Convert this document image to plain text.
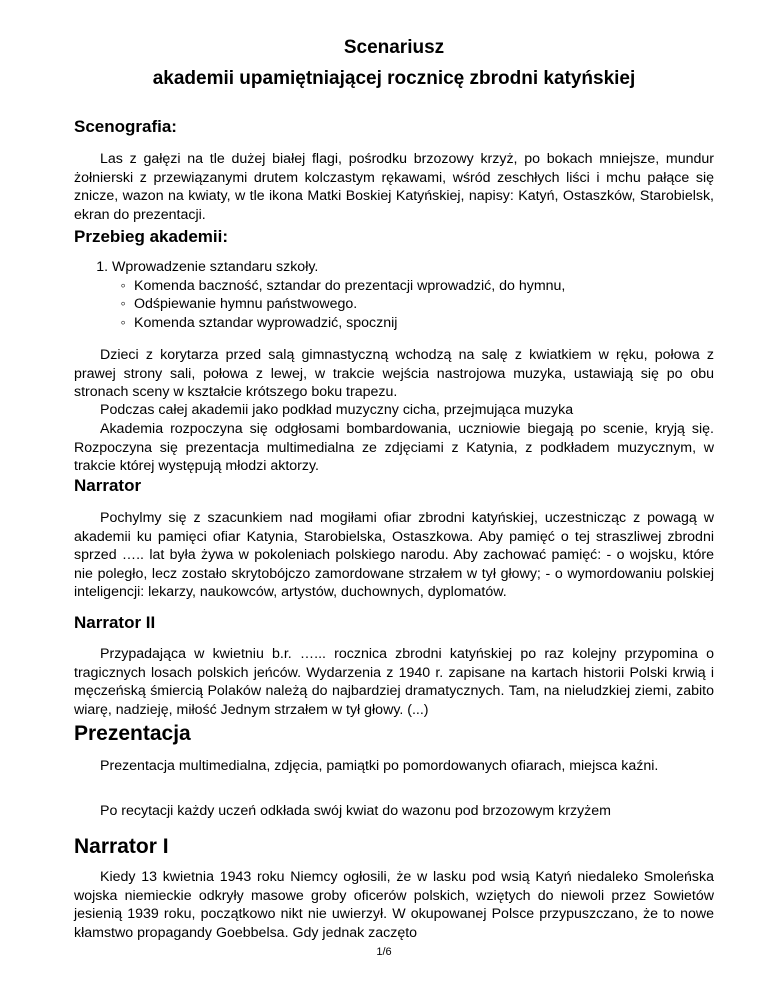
Scenariusz

akademii upamiętniającej rocznicę zbrodni katyńskiej

Scenografia:

Las z gałęzi na tle dużej białej flagi, pośrodku brzozowy krzyż, po bokach mniejsze, mundur żołnierski z przewiązanymi drutem kolczastym rękawami, wśród zeschłych liści i mchu pałące się znicze, wazon na kwiaty, w tle ikona Matki Boskiej Katyńskiej, napisy: Katyń, Ostaszków, Starobielsk, ekran do prezentacji.

Przebieg akademii:

1. Wprowadzenie sztandaru szkoły.
◦ Komenda baczność, sztandar do prezentacji wprowadzić, do hymnu,
◦ Odśpiewanie hymnu państwowego.
◦ Komenda sztandar wyprowadzić, spocznij

Dzieci z korytarza przed salą gimnastyczną wchodzą na salę z kwiatkiem w ręku, połowa z prawej strony sali, połowa z lewej, w trakcie wejścia nastrojowa muzyka, ustawiają się po obu stronach sceny w kształcie krótszego boku trapezu.

Podczas całej akademii jako podkład muzyczny cicha, przejmująca muzyka

Akademia rozpoczyna się odgłosami bombardowania, uczniowie biegają po scenie, kryją się. Rozpoczyna się prezentacja multimedialna ze zdjęciami z Katynia, z podkładem muzycznym, w trakcie której występują młodzi aktorzy.

Narrator

Pochylmy się z szacunkiem nad mogiłami ofiar zbrodni katyńskiej, uczestnicząc z powagą w akademii ku pamięci ofiar Katynia, Starobielska, Ostaszkowa. Aby pamięć o tej straszliwej zbrodni sprzed ….. lat była żywa w pokoleniach polskiego narodu. Aby zachować pamięć: - o wojsku, które nie poległo, lecz zostało skrytobójczo zamordowane strzałem w tył głowy; - o wymordowaniu polskiej inteligencji: lekarzy, naukowców, artystów, duchownych, dyplomatów.

Narrator II

Przypadająca w kwietniu b.r. …... rocznica zbrodni katyńskiej po raz kolejny przypomina o tragicznych losach polskich jeńców. Wydarzenia z 1940 r. zapisane na kartach historii Polski krwią i męczeńską śmiercią Polaków należą do najbardziej dramatycznych. Tam, na nieludzkiej ziemi, zabito wiarę, nadzieję, miłość Jednym strzałem w tył głowy. (...)

Prezentacja

Prezentacja multimedialna, zdjęcia, pamiątki po pomordowanych ofiarach, miejsca kaźni.

Po recytacji każdy uczeń odkłada swój kwiat do wazonu pod brzozowym krzyżem

Narrator I

Kiedy 13 kwietnia 1943 roku Niemcy ogłosili, że w lasku pod wsią Katyń niedaleko Smoleńska wojska niemieckie odkryły masowe groby oficerów polskich, wziętych do niewoli przez Sowietów jesienią 1939 roku, początkowo nikt nie uwierzył. W okupowanej Polsce przypuszczano, że to nowe kłamstwo propagandy Goebbelsa. Gdy jednak zaczęto

1/6
